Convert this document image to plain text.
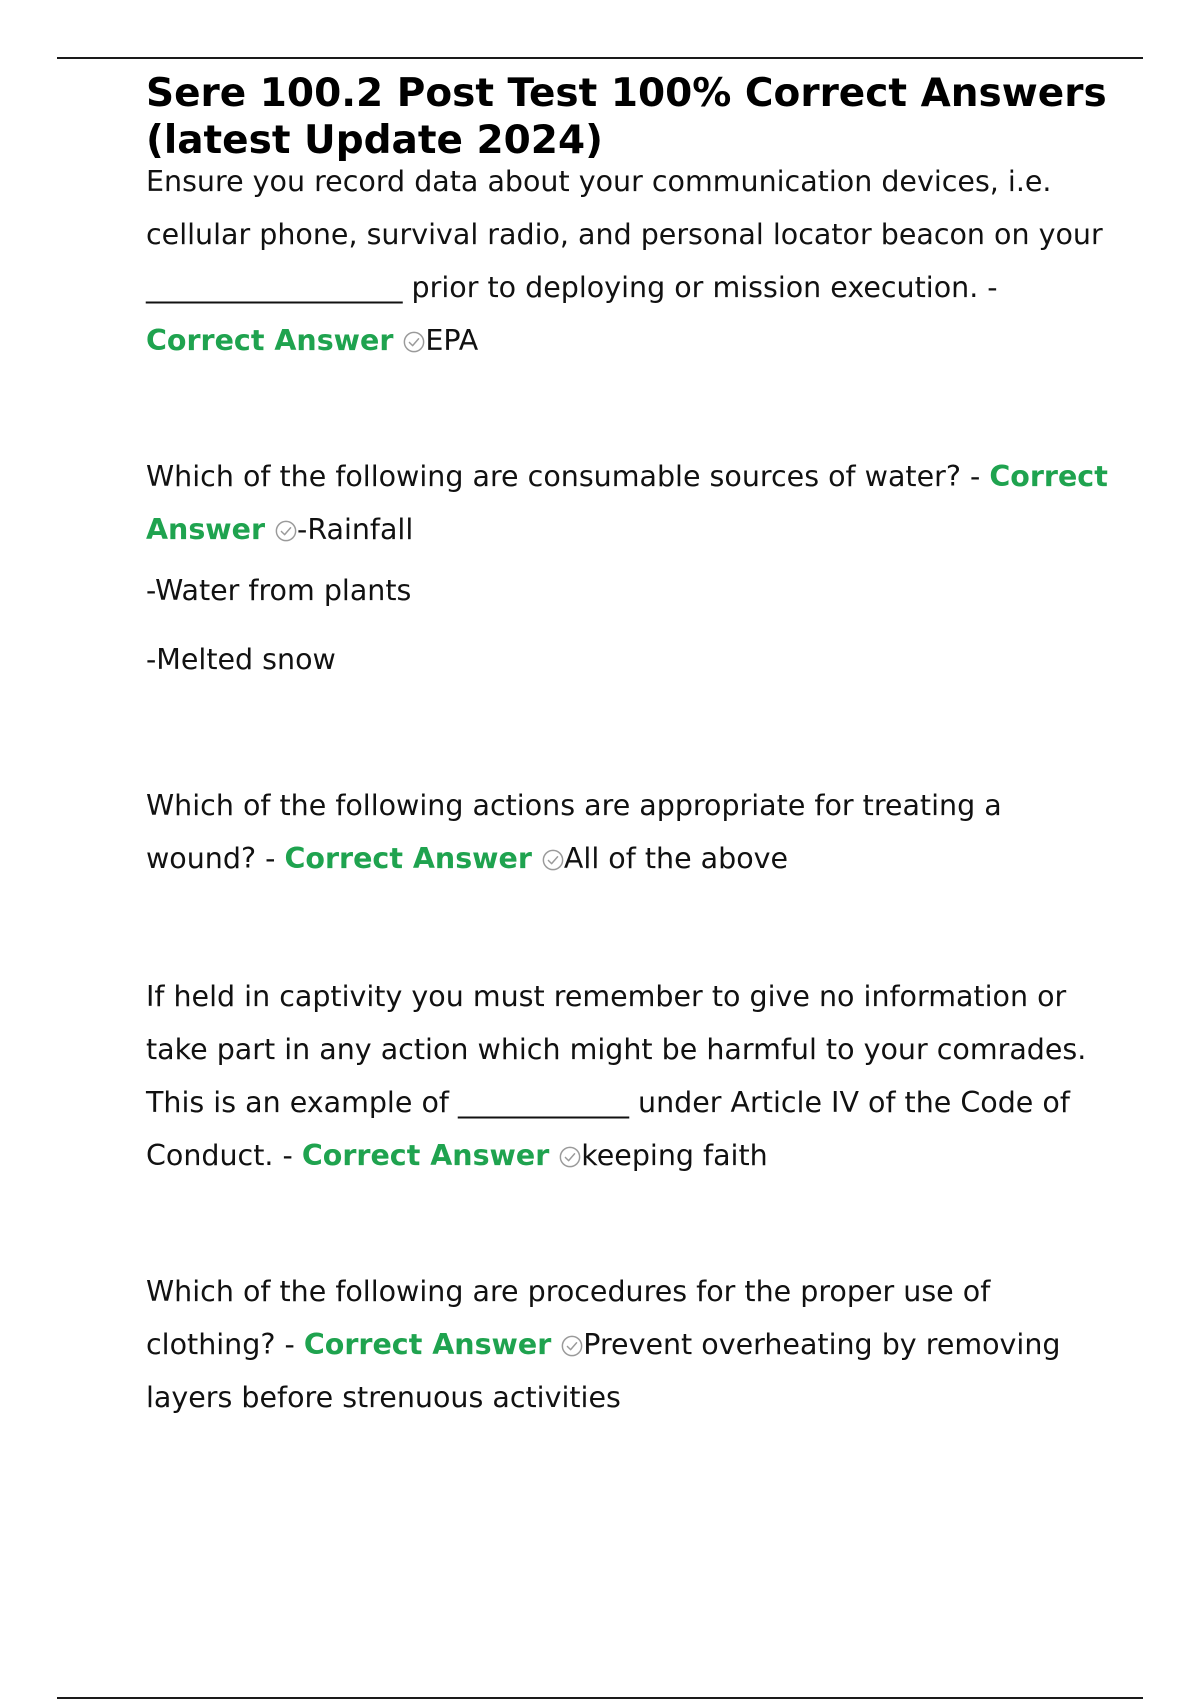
Sere 100.2 Post Test 100% Correct Answers (latest Update 2024)

Ensure you record data about your communication devices, i.e. cellular phone, survival radio, and personal locator beacon on your __________________ prior to deploying or mission execution. - Correct Answer EPA

Which of the following are consumable sources of water? - Correct Answer -Rainfall

-Water from plants

-Melted snow

Which of the following actions are appropriate for treating a wound? - Correct Answer All of the above

If held in captivity you must remember to give no information or take part in any action which might be harmful to your comrades. This is an example of ____________ under Article IV of the Code of Conduct. - Correct Answer keeping faith

Which of the following are procedures for the proper use of clothing? - Correct Answer Prevent overheating by removing layers before strenuous activities
